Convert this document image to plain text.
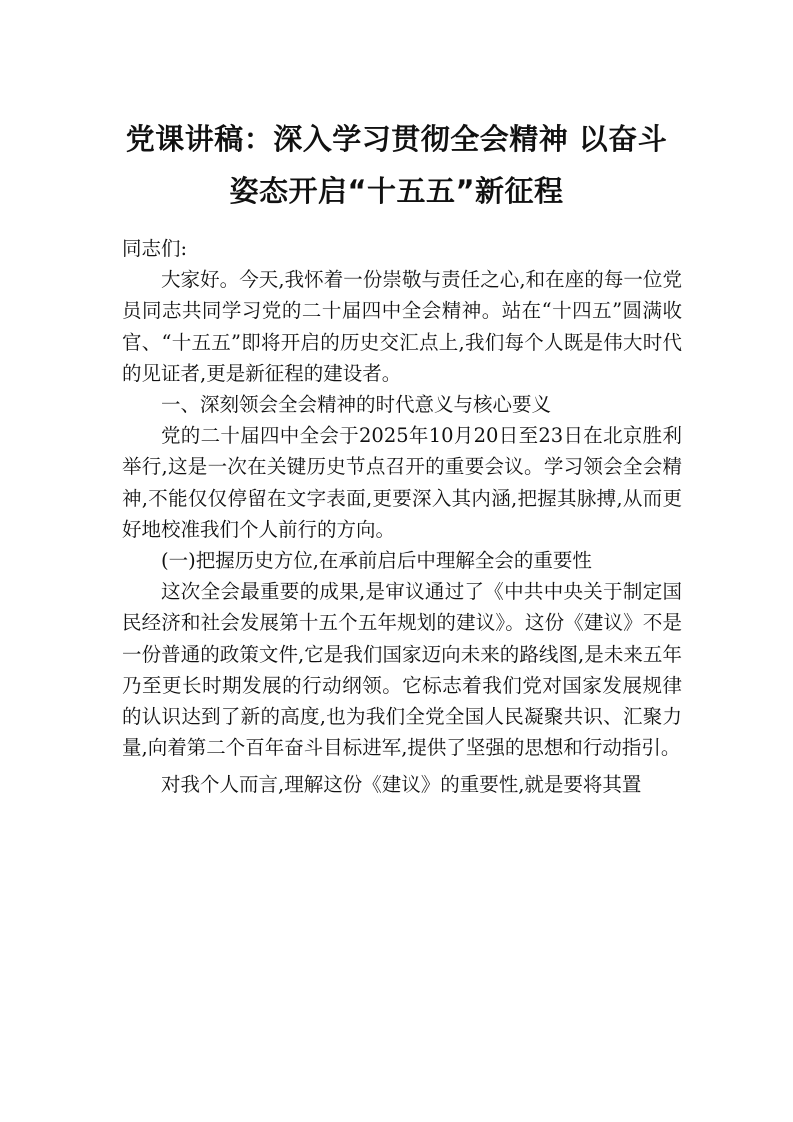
党课讲稿：深入学习贯彻全会精神 以奋斗
姿态开启“十五五”新征程

同志们:

大家好。今天,我怀着一份崇敬与责任之心,和在座的每一位党员同志共同学习党的二十届四中全会精神。站在“十四五”圆满收官、“十五五”即将开启的历史交汇点上,我们每个人既是伟大时代的见证者,更是新征程的建设者。

一、深刻领会全会精神的时代意义与核心要义

党的二十届四中全会于2025年10月20日至23日在北京胜利举行,这是一次在关键历史节点召开的重要会议。学习领会全会精神,不能仅仅停留在文字表面,更要深入其内涵,把握其脉搏,从而更好地校准我们个人前行的方向。

(一)把握历史方位,在承前启后中理解全会的重要性

这次全会最重要的成果,是审议通过了《中共中央关于制定国民经济和社会发展第十五个五年规划的建议》。这份《建议》不是一份普通的政策文件,它是我们国家迈向未来的路线图,是未来五年乃至更长时期发展的行动纲领。它标志着我们党对国家发展规律的认识达到了新的高度,也为我们全党全国人民凝聚共识、汇聚力量,向着第二个百年奋斗目标进军,提供了坚强的思想和行动指引。

对我个人而言,理解这份《建议》的重要性,就是要将其置
